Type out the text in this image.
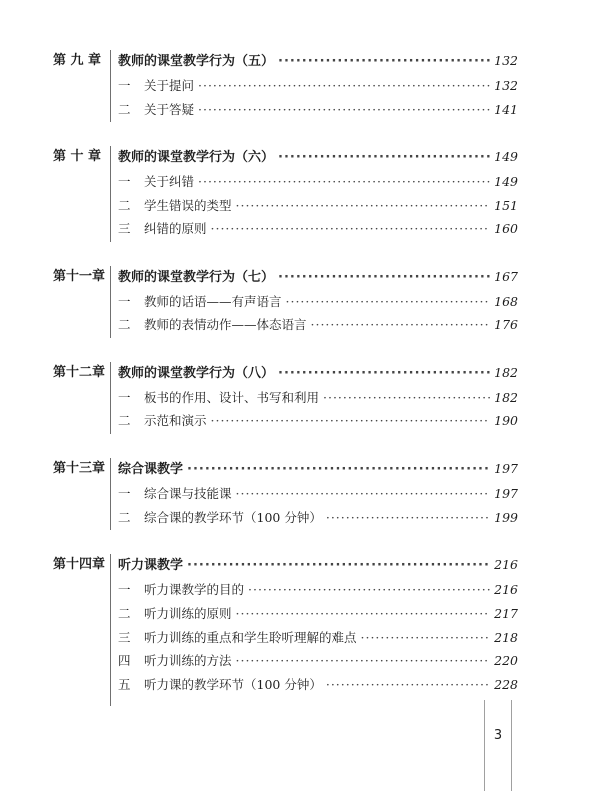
第 九 章	教师的课堂教学行为（五） ·····	132
一	关于提问 ·····	132
二	关于答疑 ·····	141
第 十 章	教师的课堂教学行为（六） ·····	149
一	关于纠错 ·····	149
二	学生错误的类型 ·····	151
三	纠错的原则 ·····	160
第十一章 教师的课堂教学行为（七） ·····	167
一	教师的话语——有声语言 ·····	168
二	教师的表情动作——体态语言 ·····	176
第十二章 教师的课堂教学行为（八） ·····	182
一	板书的作用、设计、书写和利用 ·····	182
二	示范和演示 ·····	190
第十三章 综合课教学 ·····	197
一	综合课与技能课 ·····	197
二	综合课的教学环节（100 分钟） ·····	199
第十四章 听力课教学 ·····	216
一	听力课教学的目的 ·····	216
二	听力训练的原则 ·····	217
三	听力训练的重点和学生聆听理解的难点 ·····	218
四	听力训练的方法 ·····	220
五	听力课的教学环节（100 分钟） ·····	228
3
